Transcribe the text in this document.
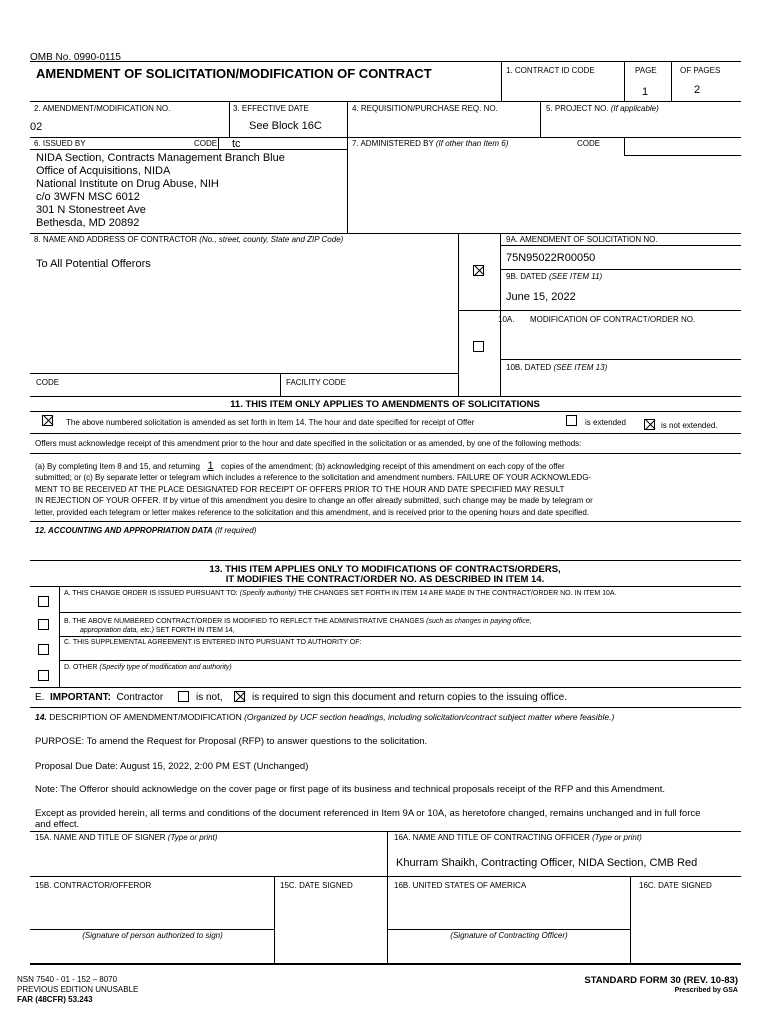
OMB No. 0990-0115
AMENDMENT OF SOLICITATION/MODIFICATION OF CONTRACT	1. CONTRACT ID CODE	PAGE	OF PAGES
1	2
2. AMENDMENT/MODIFICATION NO.
02
3. EFFECTIVE DATE
See Block 16C
4. REQUISITION/PURCHASE REQ. NO.	5. PROJECT NO. (If applicable)
6. ISSUED BY	CODE tc	7. ADMINISTERED BY (If other than Item 6)	CODE
NIDA Section, Contracts Management Branch Blue
Office of Acquisitions, NIDA
National Institute on Drug Abuse, NIH
c/o 3WFN MSC 6012
301 N Stonestreet Ave
Bethesda, MD 20892
8. NAME AND ADDRESS OF CONTRACTOR (No., street, county, State and ZIP Code)
To All Potential Offerors
9A. AMENDMENT OF SOLICITATION NO.
75N95022R00050
9B. DATED (SEE ITEM 11)
June 15, 2022
10A. MODIFICATION OF CONTRACT/ORDER NO.
10B. DATED (SEE ITEM 13)
CODE	FACILITY CODE
11. THIS ITEM ONLY APPLIES TO AMENDMENTS OF SOLICITATIONS
The above numbered solicitation is amended as set forth in Item 14. The hour and date specified for receipt of Offer	is extended	is not extended.
Offers must acknowledge receipt of this amendment prior to the hour and date specified in the solicitation or as amended, by one of the following methods:
(a) By completing Item 8 and 15, and returning 1 copies of the amendment; (b) acknowledging receipt of this amendment on each copy of the offer
submitted; or (c) By separate letter or telegram which includes a reference to the solicitation and amendment numbers. FAILURE OF YOUR ACKNOWLEDG-
MENT TO BE RECEIVED AT THE PLACE DESIGNATED FOR RECEIPT OF OFFERS PRIOR TO THE HOUR AND DATE SPECIFIED MAY RESULT
IN REJECTION OF YOUR OFFER. If by virtue of this amendment you desire to change an offer already submitted, such change may be made by telegram or
letter, provided each telegram or letter makes reference to the solicitation and this amendment, and is received prior to the opening hours and date specified.
12. ACCOUNTING AND APPROPRIATION DATA (If required)
13. THIS ITEM APPLIES ONLY TO MODIFICATIONS OF CONTRACTS/ORDERS,
IT MODIFIES THE CONTRACT/ORDER NO. AS DESCRIBED IN ITEM 14.
A. THIS CHANGE ORDER IS ISSUED PURSUANT TO: (Specify authority) THE CHANGES SET FORTH IN ITEM 14 ARE MADE IN THE CONTRACT/ORDER NO. IN ITEM 10A.
B. THE ABOVE NUMBERED CONTRACT/ORDER IS MODIFIED TO REFLECT THE ADMINISTRATIVE CHANGES (such as changes in paying office,
appropriation data, etc.) SET FORTH IN ITEM 14,
C. THIS SUPPLEMENTAL AGREEMENT IS ENTERED INTO PURSUANT TO AUTHORITY OF:
D. OTHER (Specify type of modification and authority)
E. IMPORTANT: Contractor	is not,	is required to sign this document and return copies to the issuing office.
14. DESCRIPTION OF AMENDMENT/MODIFICATION (Organized by UCF section headings, including solicitation/contract subject matter where feasible.)
PURPOSE: To amend the Request for Proposal (RFP) to answer questions to the solicitation.
Proposal Due Date: August 15, 2022, 2:00 PM EST (Unchanged)
Note: The Offeror should acknowledge on the cover page or first page of its business and technical proposals receipt of the RFP and this Amendment.
Except as provided herein, all terms and conditions of the document referenced in Item 9A or 10A, as heretofore changed, remains unchanged and in full force
and effect.
15A. NAME AND TITLE OF SIGNER (Type or print)	16A. NAME AND TITLE OF CONTRACTING OFFICER (Type or print)
Khurram Shaikh, Contracting Officer, NIDA Section, CMB Red
15B. CONTRACTOR/OFFEROR	15C. DATE SIGNED	16B. UNITED STATES OF AMERICA	16C. DATE SIGNED
(Signature of person authorized to sign)	(Signature of Contracting Officer)
NSN 7540 - 01 - 152 – 8070
PREVIOUS EDITION UNUSABLE
FAR (48CFR) 53.243
STANDARD FORM 30 (REV. 10-83)
Prescribed by GSA
